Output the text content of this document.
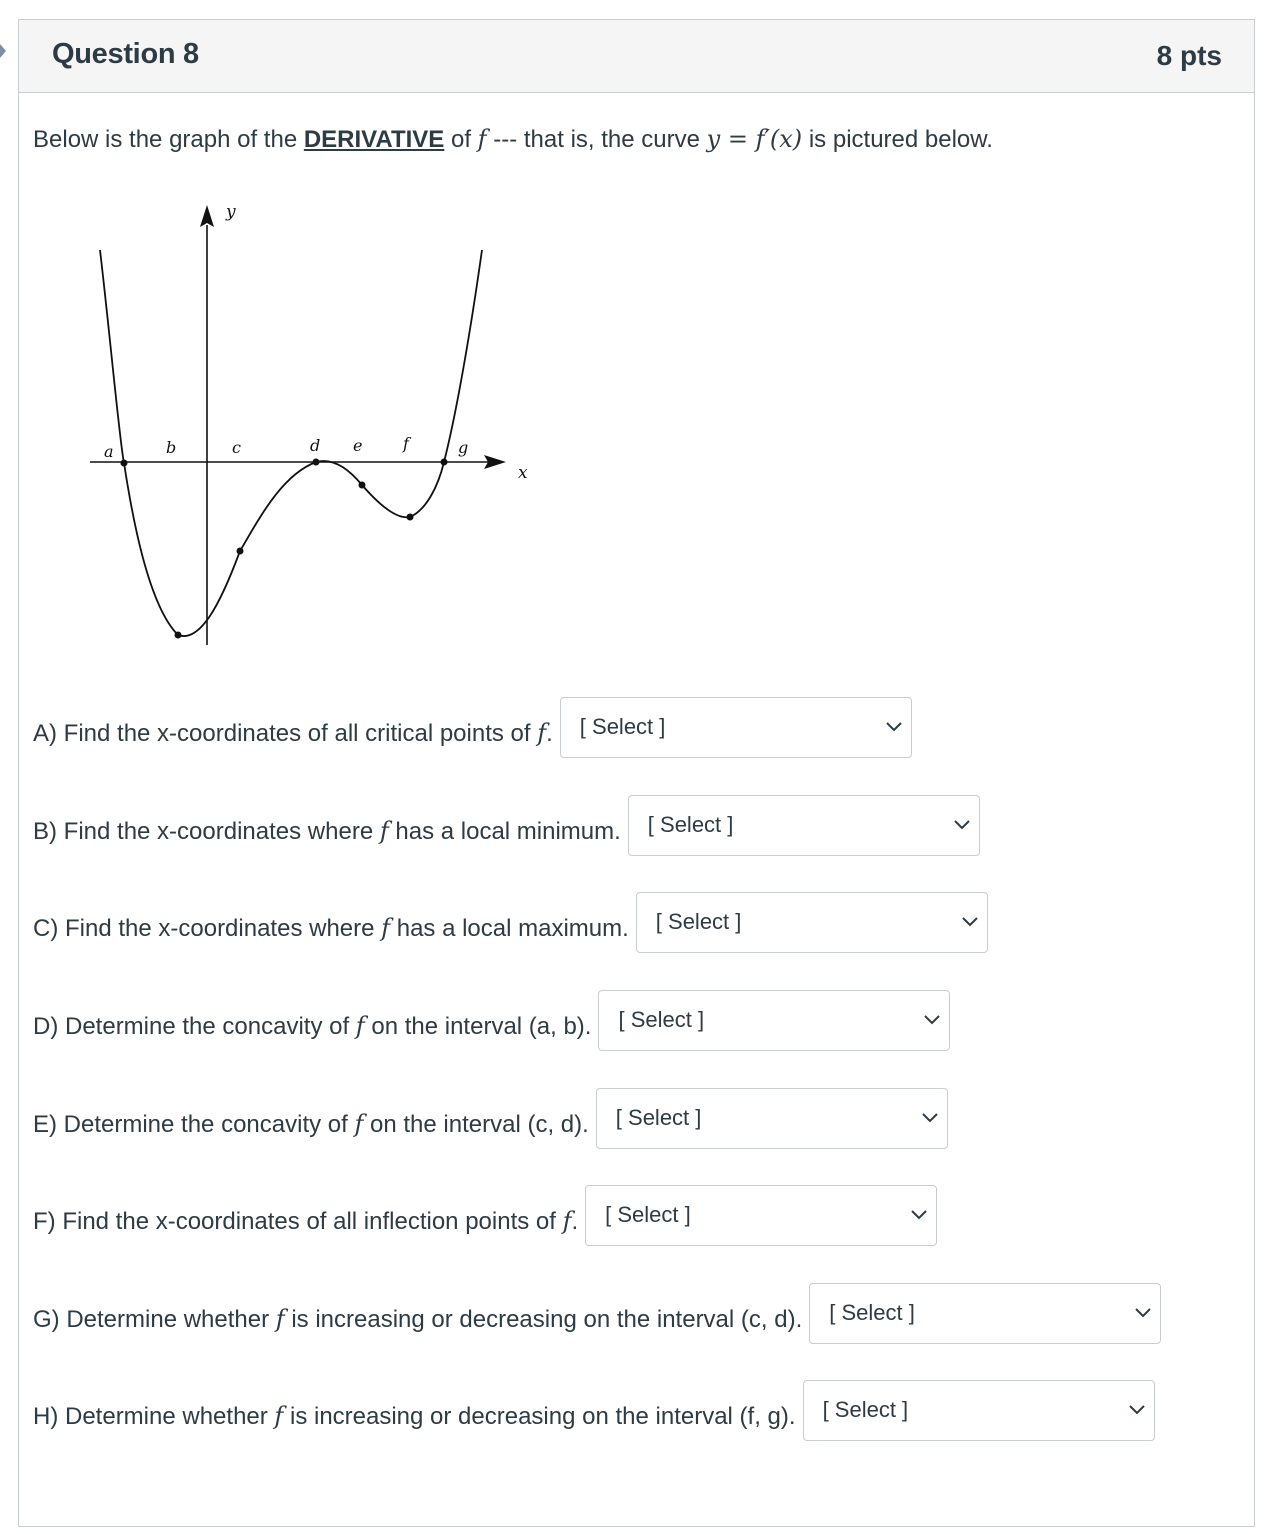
Question 8	8 pts
Below is the graph of the DERIVATIVE of f --- that is, the curve y = f′(x) is pictured below.
y
x
a	b	c	d e	f	g
A) Find the x-coordinates of all critical points of f. [ Select ]
B) Find the x-coordinates where f has a local minimum. [ Select ]
C) Find the x-coordinates where f has a local maximum. [ Select ]
D) Determine the concavity of f on the interval (a, b). [ Select ]
E) Determine the concavity of f on the interval (c, d). [ Select ]
F) Find the x-coordinates of all inflection points of f. [ Select ]
G) Determine whether f is increasing or decreasing on the interval (c, d). [ Select ]
H) Determine whether f is increasing or decreasing on the interval (f, g). [ Select ]
